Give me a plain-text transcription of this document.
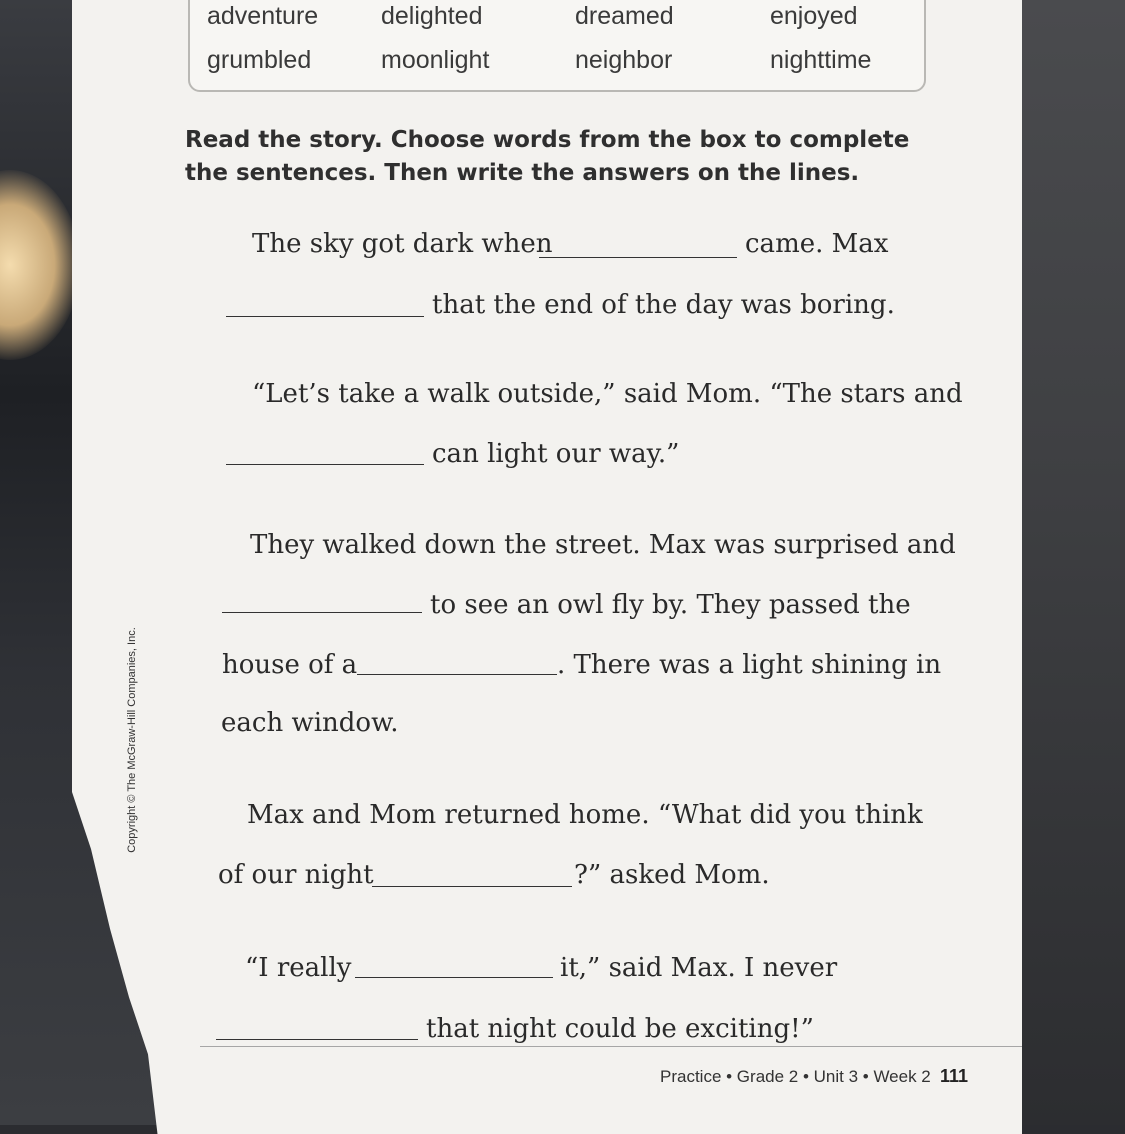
adventure	delighted	dreamed	enjoyed
grumbled	moonlight	neighbor	nighttime
Read the story. Choose words from the box to complete the sentences. Then write the answers on the lines.
The sky got dark when	came. Max
that the end of the day was boring.
“Let’s take a walk outside,” said Mom. “The stars and
can light our way.”
They walked down the street. Max was surprised and
to see an owl fly by. They passed the
house of a	. There was a light shining in
each window.
Max and Mom returned home. “What did you think
of our night	?” asked Mom.
“I really	it,” said Max. I never
that night could be exciting!”
Copyright © The McGraw-Hill Companies, Inc.
Practice • Grade 2 • Unit 3 • Week 2 111
